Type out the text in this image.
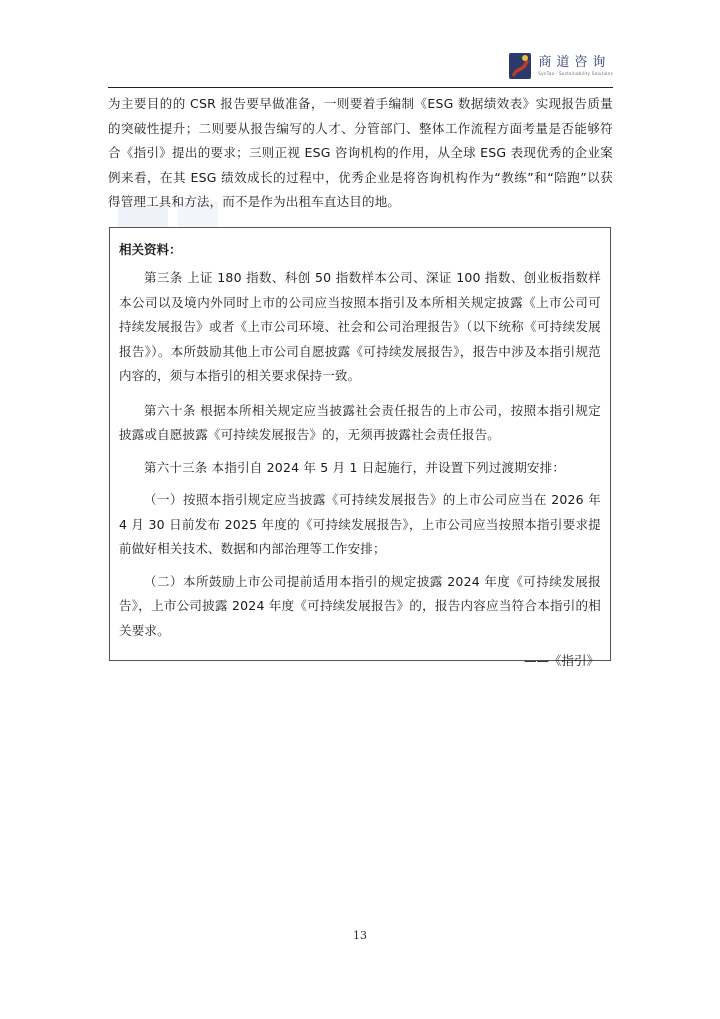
商道咨询
SynTao · Sustainability Solutions
为主要目的的 CSR 报告要早做准备，一则要着手编制《ESG 数据绩效表》实现报告质量的突破性提升；二则要从报告编写的人才、分管部门、整体工作流程方面考量是否能够符合《指引》提出的要求；三则正视 ESG 咨询机构的作用，从全球 ESG 表现优秀的企业案例来看，在其 ESG 绩效成长的过程中，优秀企业是将咨询机构作为“教练”和“陪跑”以获得管理工具和方法，而不是作为出租车直达目的地。

相关资料：

第三条 上证 180 指数、科创 50 指数样本公司、深证 100 指数、创业板指数样本公司以及境内外同时上市的公司应当按照本指引及本所相关规定披露《上市公司可持续发展报告》或者《上市公司环境、社会和公司治理报告》（以下统称《可持续发展报告》）。本所鼓励其他上市公司自愿披露《可持续发展报告》，报告中涉及本指引规范内容的，须与本指引的相关要求保持一致。

第六十条 根据本所相关规定应当披露社会责任报告的上市公司，按照本指引规定披露或自愿披露《可持续发展报告》的，无须再披露社会责任报告。

第六十三条 本指引自 2024 年 5 月 1 日起施行，并设置下列过渡期安排：

（一）按照本指引规定应当披露《可持续发展报告》的上市公司应当在 2026 年 4 月 30 日前发布 2025 年度的《可持续发展报告》，上市公司应当按照本指引要求提前做好相关技术、数据和内部治理等工作安排；

（二）本所鼓励上市公司提前适用本指引的规定披露 2024 年度《可持续发展报告》，上市公司披露 2024 年度《可持续发展报告》的，报告内容应当符合本指引的相关要求。

——《指引》
13
